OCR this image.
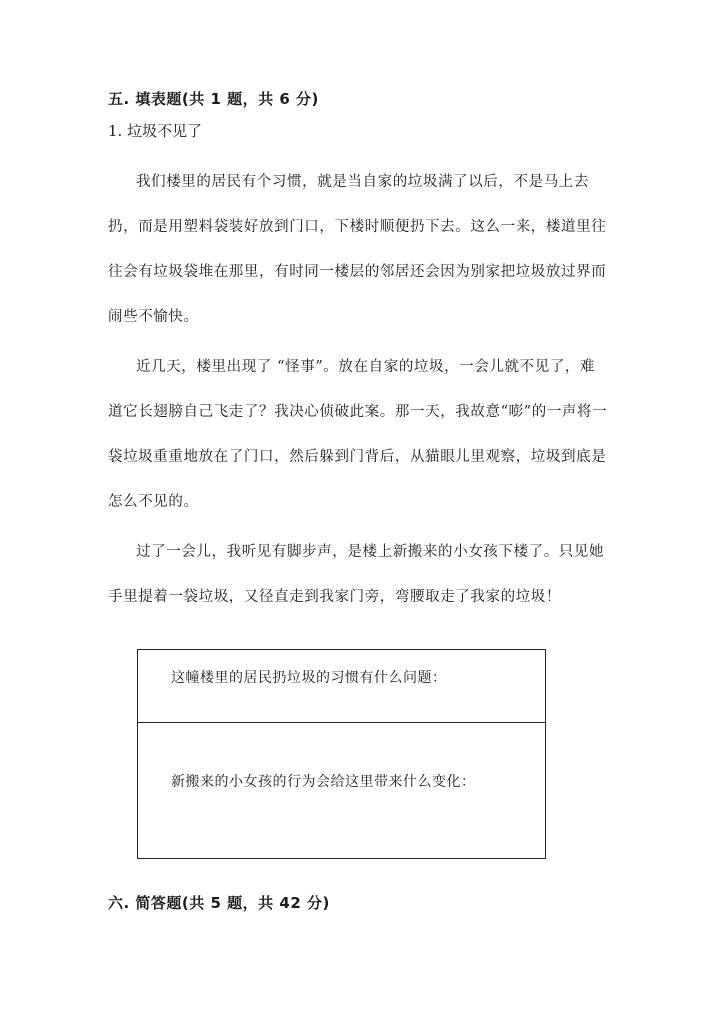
五. 填表题(共 1 题，共 6 分)
1. 垃圾不见了

我们楼里的居民有个习惯，就是当自家的垃圾满了以后，不是马上去扔，而是用塑料袋装好放到门口，下楼时顺便扔下去。这么一来，楼道里往往会有垃圾袋堆在那里，有时同一楼层的邻居还会因为别家把垃圾放过界而闹些不愉快。

近几天，楼里出现了 “怪事”。放在自家的垃圾，一会儿就不见了，难道它长翅膀自己飞走了？我决心侦破此案。那一天，我故意“嘭”的一声将一袋垃圾重重地放在了门口，然后躲到门背后，从猫眼儿里观察，垃圾到底是怎么不见的。

过了一会儿，我听见有脚步声，是楼上新搬来的小女孩下楼了。只见她手里提着一袋垃圾，又径直走到我家门旁，弯腰取走了我家的垃圾！

这幢楼里的居民扔垃圾的习惯有什么问题：
新搬来的小女孩的行为会给这里带来什么变化：
六. 简答题(共 5 题，共 42 分)
